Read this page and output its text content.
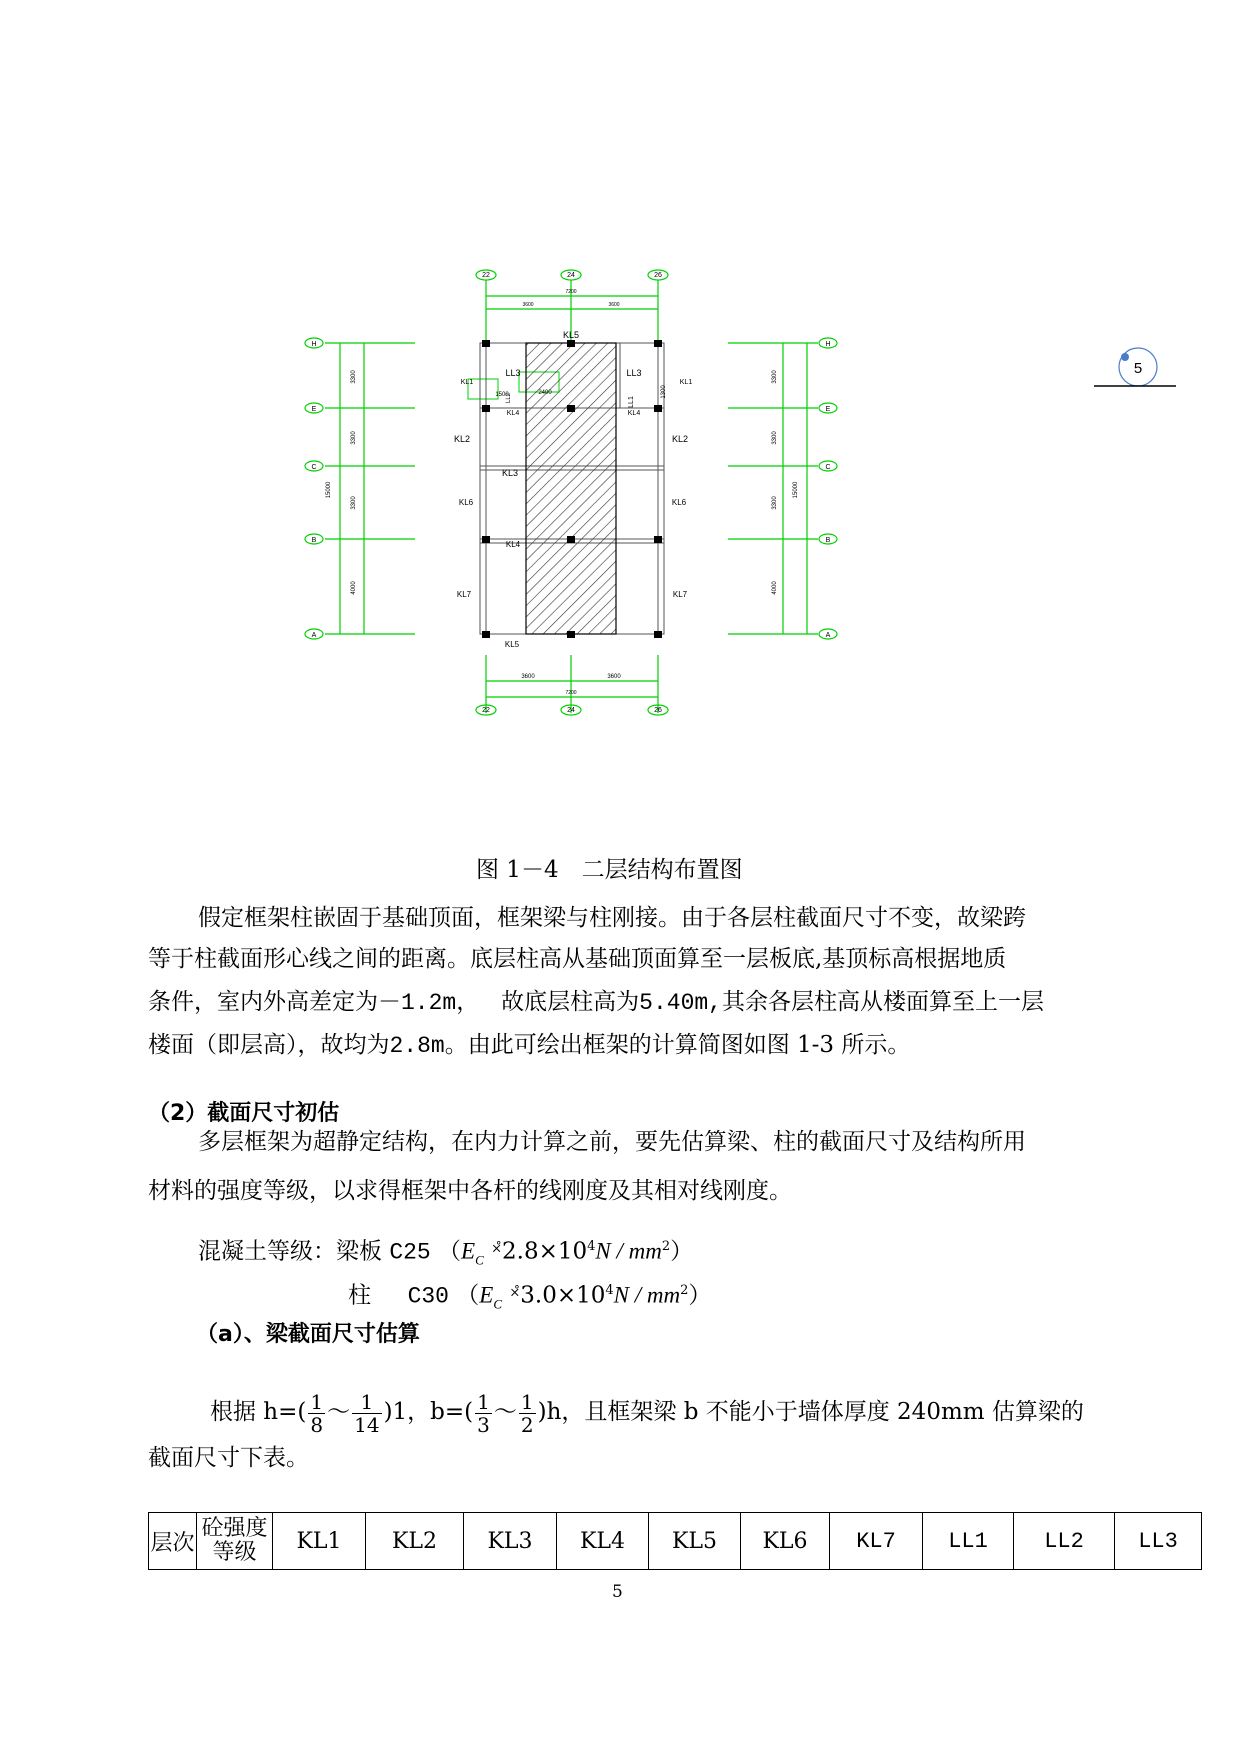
5
22	24	26
22	24	26
H
E
C
B
A
H
E
C
B
A
7200
3600	3600
3600	3600
7200
3300
3300
3300
4000
15000
3300
3300
3300
4000
15000
KL5
LL3	LL3
KL1	KL1
1500	2400	1300
LL1
LL2
KL4	KL4
KL2	KL2
KL3
KL6	KL6
KL4
KL7	KL7
KL5
图 1－4　二层结构布置图
假定框架柱嵌固于基础顶面，框架梁与柱刚接。由于各层柱截面尺寸不变，故梁跨
等于柱截面形心线之间的距离。底层柱高从基础顶面算至一层板底,基顶标高根据地质
条件，室内外高差定为－1.2m， 故底层柱高为5.40m,其余各层柱高从楼面算至上一层
楼面（即层高），故均为2.8m。由此可绘出框架的计算简图如图 1-3 所示。
（2）截面尺寸初估
多层框架为超静定结构，在内力计算之前，要先估算梁、柱的截面尺寸及结构所用
材料的强度等级，以求得框架中各杆的线刚度及其相对线刚度。
混凝土等级：梁板 C25 （$E_C$ $^{\times̊}2.8\times 10^4N / mm^2$）
柱 C30 （$E_C$ $^{\times̊}3.0\times 10^4N / mm^2$）
（a）、梁截面尺寸估算
根据 $h=( \frac{1}{8}$ ～ $\frac{1}{14} )1$，$b=( \frac{1}{3}$ ～ $\frac{1}{2} )h$，且框架梁 b 不能小于墙体厚度 240mm 估算梁的
截面尺寸下表。
层次	砼强度
等级	KL1	KL2	KL3	KL4	KL5	KL6	KL7	LL1	LL2	LL3
5
